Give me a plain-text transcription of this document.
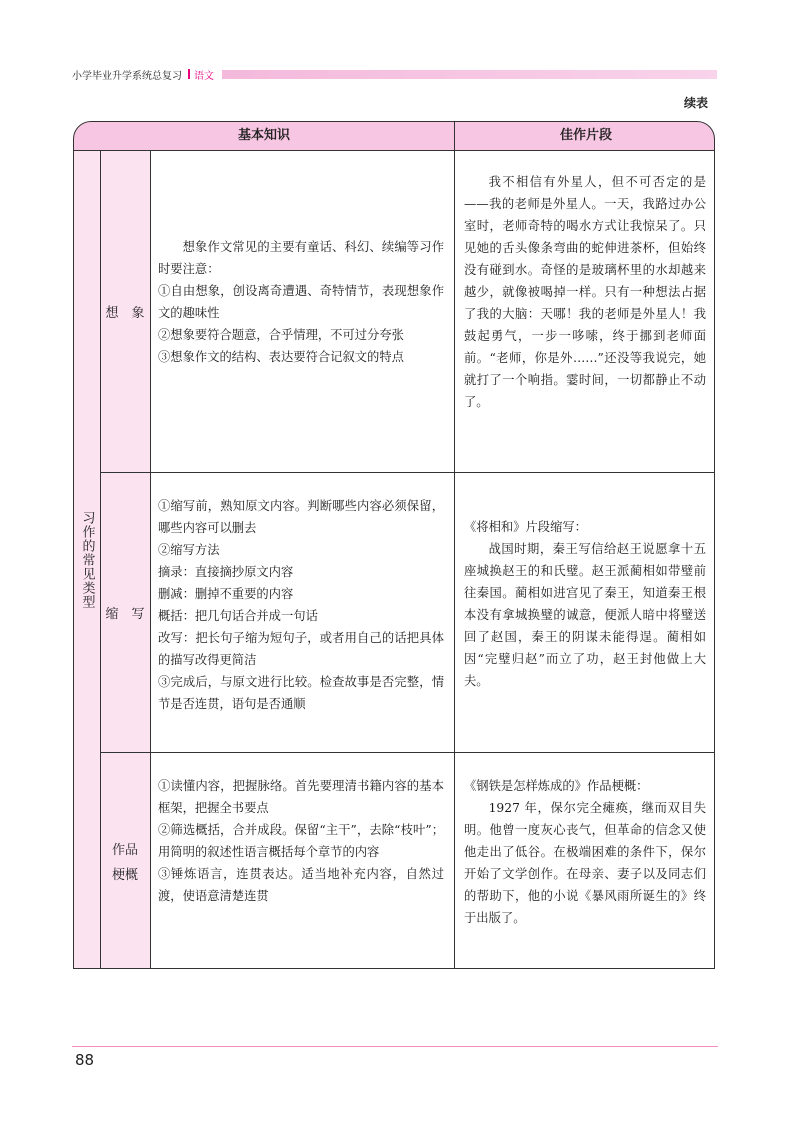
小学毕业升学系统总复习 语文
续表
基本知识	佳作片段
习作的常见类型
想　象

想象作文常见的主要有童话、科幻、续编等习作时要注意：

①自由想象，创设离奇遭遇、奇特情节，表现想象作文的趣味性

②想象要符合题意，合乎情理，不可过分夸张

③想象作文的结构、表达要符合记叙文的特点

我不相信有外星人，但不可否定的是——我的老师是外星人。一天，我路过办公室时，老师奇特的喝水方式让我惊呆了。只见她的舌头像条弯曲的蛇伸进茶杯，但始终没有碰到水。奇怪的是玻璃杯里的水却越来越少，就像被喝掉一样。只有一种想法占据了我的大脑：天哪！我的老师是外星人！我鼓起勇气，一步一哆嗦，终于挪到老师面前。“老师，你是外……”还没等我说完，她就打了一个响指。霎时间，一切都静止不动了。

缩　写

①缩写前，熟知原文内容。判断哪些内容必须保留，哪些内容可以删去

②缩写方法

摘录：直接摘抄原文内容

删减：删掉不重要的内容

概括：把几句话合并成一句话

改写：把长句子缩为短句子，或者用自己的话把具体的描写改得更简洁

③完成后，与原文进行比较。检查故事是否完整，情节是否连贯，语句是否通顺

《将相和》片段缩写：

战国时期，秦王写信给赵王说愿拿十五座城换赵王的和氏璧。赵王派蔺相如带璧前往秦国。蔺相如进宫见了秦王，知道秦王根本没有拿城换璧的诚意，便派人暗中将璧送回了赵国，秦王的阴谋未能得逞。蔺相如因“完璧归赵”而立了功，赵王封他做上大夫。

作品
梗概

①读懂内容，把握脉络。首先要理清书籍内容的基本框架，把握全书要点

②筛选概括，合并成段。保留“主干”，去除“枝叶”；用简明的叙述性语言概括每个章节的内容

③锤炼语言，连贯表达。适当地补充内容，自然过渡，使语意清楚连贯

《钢铁是怎样炼成的》作品梗概：

1927 年，保尔完全瘫痪，继而双目失明。他曾一度灰心丧气，但革命的信念又使他走出了低谷。在极端困难的条件下，保尔开始了文学创作。在母亲、妻子以及同志们的帮助下，他的小说《暴风雨所诞生的》终于出版了。

88
